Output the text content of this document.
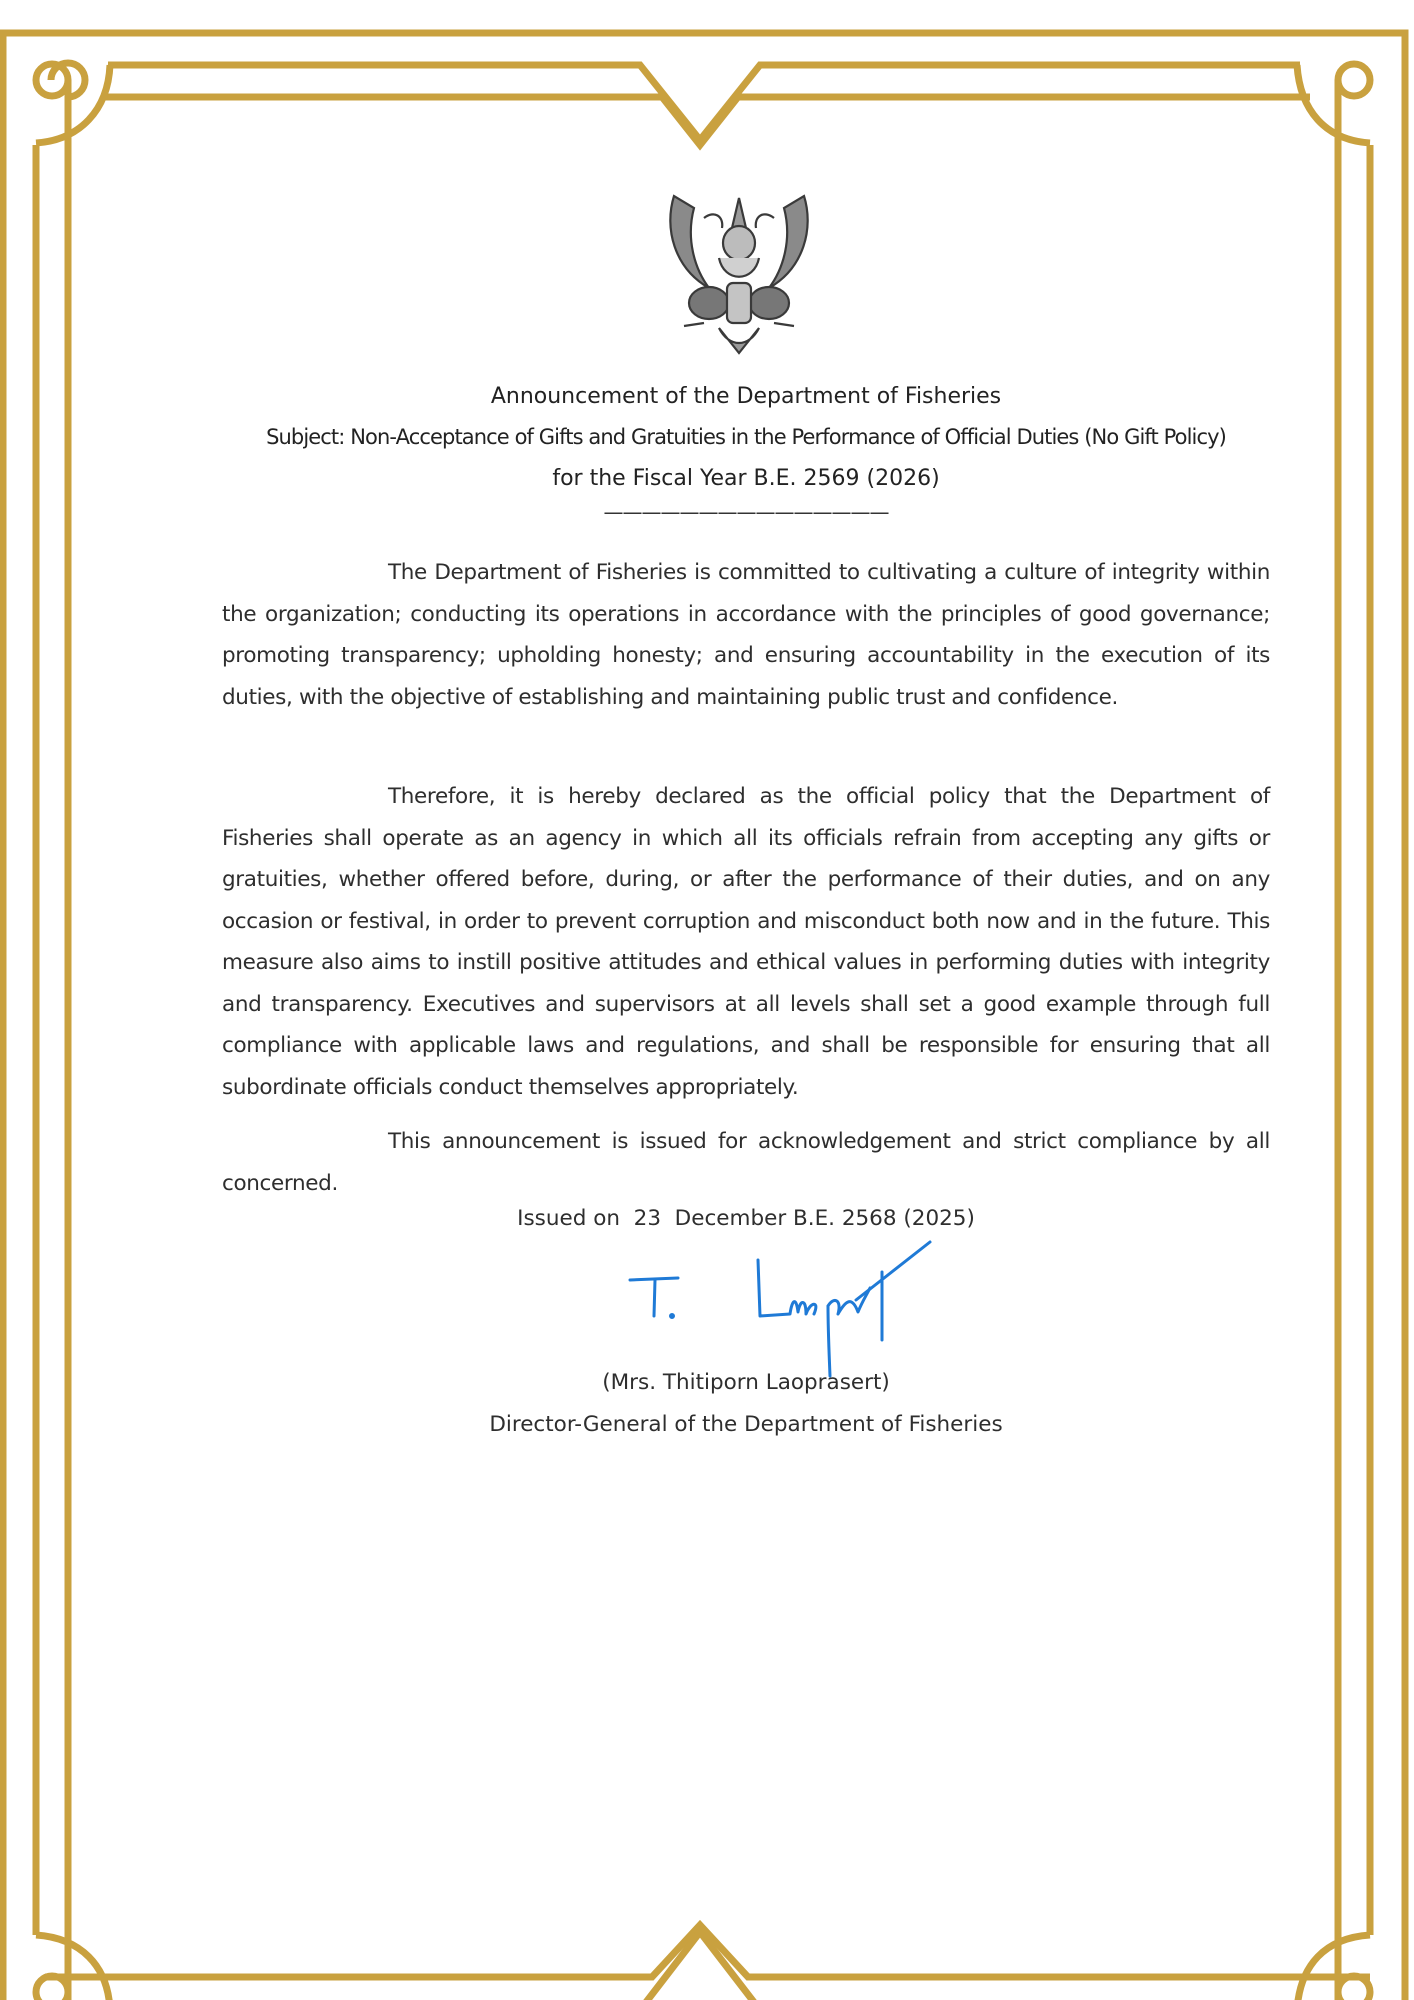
Announcement of the Department of Fisheries
Subject: Non-Acceptance of Gifts and Gratuities in the Performance of Official Duties (No Gift Policy)
for the Fiscal Year B.E. 2569 (2026)
———————————————

The Department of Fisheries is committed to cultivating a culture of integrity within the organization; conducting its operations in accordance with the principles of good governance; promoting transparency; upholding honesty; and ensuring accountability in the execution of its duties, with the objective of establishing and maintaining public trust and confidence.

Therefore, it is hereby declared as the official policy that the Department of Fisheries shall operate as an agency in which all its officials refrain from accepting any gifts or gratuities, whether offered before, during, or after the performance of their duties, and on any occasion or festival, in order to prevent corruption and misconduct both now and in the future. This measure also aims to instill positive attitudes and ethical values in performing duties with integrity and transparency. Executives and supervisors at all levels shall set a good example through full compliance with applicable laws and regulations, and shall be responsible for ensuring that all subordinate officials conduct themselves appropriately.

This announcement is issued for acknowledgement and strict compliance by all concerned.

Issued on  23  December B.E. 2568 (2025)
(Mrs. Thitiporn Laoprasert)
Director-General of the Department of Fisheries
